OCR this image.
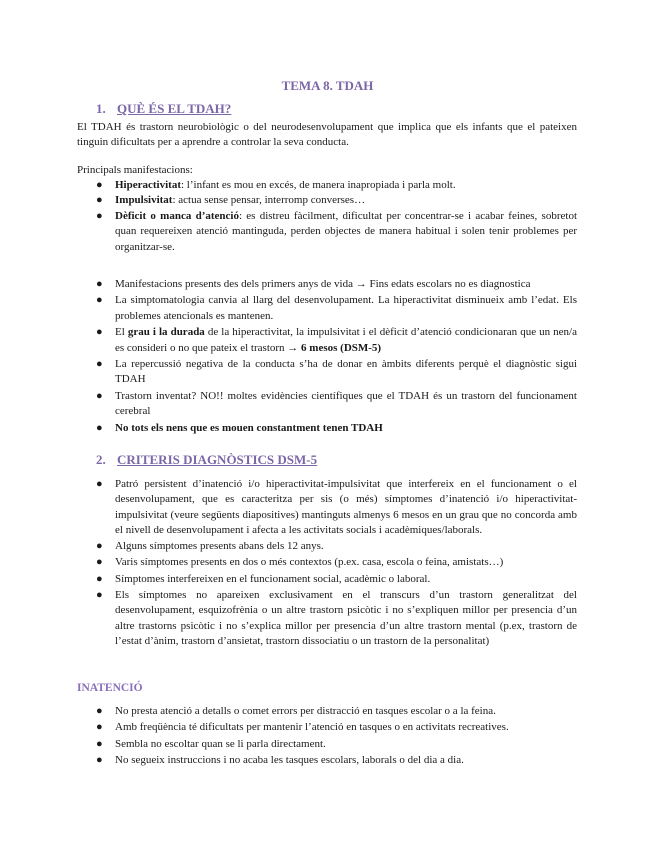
TEMA 8. TDAH
1. QUÈ ÉS EL TDAH?
El TDAH és trastorn neurobiològic o del neurodesenvolupament que implica que els infants que el pateixen tinguin dificultats per a aprendre a controlar la seva conducta.
Principals manifestacions:
● Hiperactivitat: l’infant es mou en excés, de manera inapropiada i parla molt.
● Impulsivitat: actua sense pensar, interromp converses…
● Dèficit o manca d’atenció: es distreu fàcilment, dificultat per concentrar-se i acabar feines, sobretot quan requereixen atenció mantinguda, perden objectes de manera habitual i solen tenir problemes per organitzar-se.
● Manifestacions presents des dels primers anys de vida → Fins edats escolars no es diagnostica
● La simptomatologia canvia al llarg del desenvolupament. La hiperactivitat disminueix amb l’edat. Els problemes atencionals es mantenen.
● El grau i la durada de la hiperactivitat, la impulsivitat i el dèficit d’atenció condicionaran que un nen/a es consideri o no que pateix el trastorn → 6 mesos (DSM-5)
● La repercussió negativa de la conducta s’ha de donar en àmbits diferents perquè el diagnòstic sigui TDAH
● Trastorn inventat? NO!! moltes evidències científiques que el TDAH és un trastorn del funcionament cerebral
● No tots els nens que es mouen constantment tenen TDAH
2. CRITERIS DIAGNÒSTICS DSM-5
● Patró persistent d’inatenció i/o hiperactivitat-impulsivitat que interfereix en el funcionament o el desenvolupament, que es caracteritza per sis (o més) símptomes d’inatenció i/o hiperactivitat-impulsivitat (veure següents diapositives) mantinguts almenys 6 mesos en un grau que no concorda amb el nivell de desenvolupament i afecta a les activitats socials i acadèmiques/laborals.
● Alguns símptomes presents abans dels 12 anys.
● Varis símptomes presents en dos o més contextos (p.ex. casa, escola o feina, amistats…)
● Símptomes interfereixen en el funcionament social, acadèmic o laboral.
● Els símptomes no apareixen exclusivament en el transcurs d’un trastorn generalitzat del desenvolupament, esquizofrènia o un altre trastorn psicòtic i no s’expliquen millor per presencia d’un altre trastorns psicòtic i no s’explica millor per presencia d’un altre trastorn mental (p.ex, trastorn de l’estat d’ànim, trastorn d’ansietat, trastorn dissociatiu o un trastorn de la personalitat)
INATENCIÓ
● No presta atenció a detalls o comet errors per distracció en tasques escolar o a la feina.
● Amb freqüència té dificultats per mantenir l’atenció en tasques o en activitats recreatives.
● Sembla no escoltar quan se li parla directament.
● No segueix instruccions i no acaba les tasques escolars, laborals o del dia a dia.
